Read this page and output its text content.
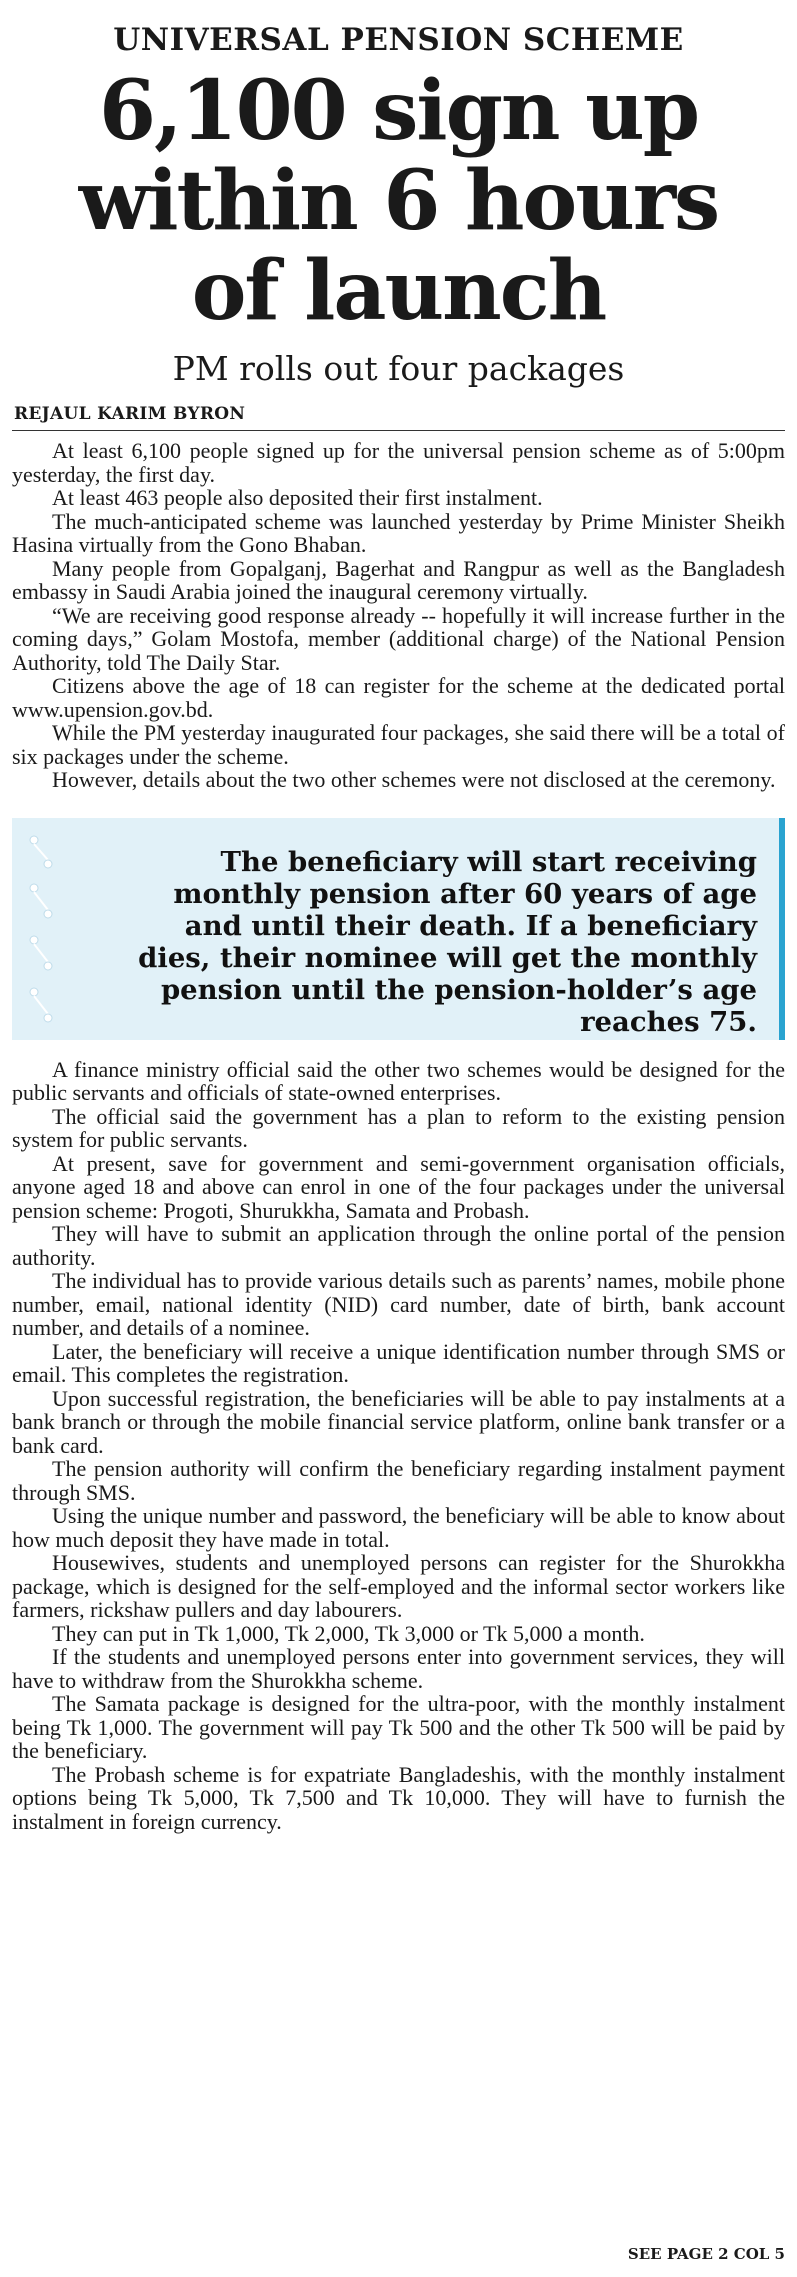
UNIVERSAL PENSION SCHEME
6,100 sign up
within 6 hours
of launch
PM rolls out four packages
REJAUL KARIM BYRON

At least 6,100 people signed up for the universal pension scheme as of 5:00pm yesterday, the first day.

At least 463 people also deposited their first instalment.

The much-anticipated scheme was launched yesterday by Prime Minister Sheikh Hasina virtually from the Gono Bhaban.

Many people from Gopalganj, Bagerhat and Rangpur as well as the Bangladesh embassy in Saudi Arabia joined the inaugural ceremony virtually.

“We are receiving good response already -- hopefully it will increase further in the coming days,” Golam Mostofa, member (additional charge) of the National Pension Authority, told The Daily Star.

Citizens above the age of 18 can register for the scheme at the dedicated portal www.upension.gov.bd.

While the PM yesterday inaugurated four packages, she said there will be a total of six packages under the scheme.

However, details about the two other schemes were not disclosed at the ceremony.

The beneficiary will start receiving monthly pension after 60 years of age and until their death. If a beneficiary dies, their nominee will get the monthly pension until the pension-holder’s age reaches 75.

A finance ministry official said the other two schemes would be designed for the public servants and officials of state-owned enterprises.

The official said the government has a plan to reform to the existing pension system for public servants.

At present, save for government and semi-government organisation officials, anyone aged 18 and above can enrol in one of the four packages under the universal pension scheme: Progoti, Shurukkha, Samata and Probash.

They will have to submit an application through the online portal of the pension authority.

The individual has to provide various details such as parents’ names, mobile phone number, email, national identity (NID) card number, date of birth, bank account number, and details of a nominee.

Later, the beneficiary will receive a unique identification number through SMS or email. This completes the registration.

Upon successful registration, the beneficiaries will be able to pay instalments at a bank branch or through the mobile financial service platform, online bank transfer or a bank card.

The pension authority will confirm the beneficiary regarding instalment payment through SMS.

Using the unique number and password, the beneficiary will be able to know about how much deposit they have made in total.

Housewives, students and unemployed persons can register for the Shurokkha package, which is designed for the self-employed and the informal sector workers like farmers, rickshaw pullers and day labourers.

They can put in Tk 1,000, Tk 2,000, Tk 3,000 or Tk 5,000 a month.

If the students and unemployed persons enter into government services, they will have to withdraw from the Shurokkha scheme.

The Samata package is designed for the ultra-poor, with the monthly instalment being Tk 1,000. The government will pay Tk 500 and the other Tk 500 will be paid by the beneficiary.

The Probash scheme is for expatriate Bangladeshis, with the monthly instalment options being Tk 5,000, Tk 7,500 and Tk 10,000. They will have to furnish the instalment in foreign currency.

SEE PAGE 2 COL 5
